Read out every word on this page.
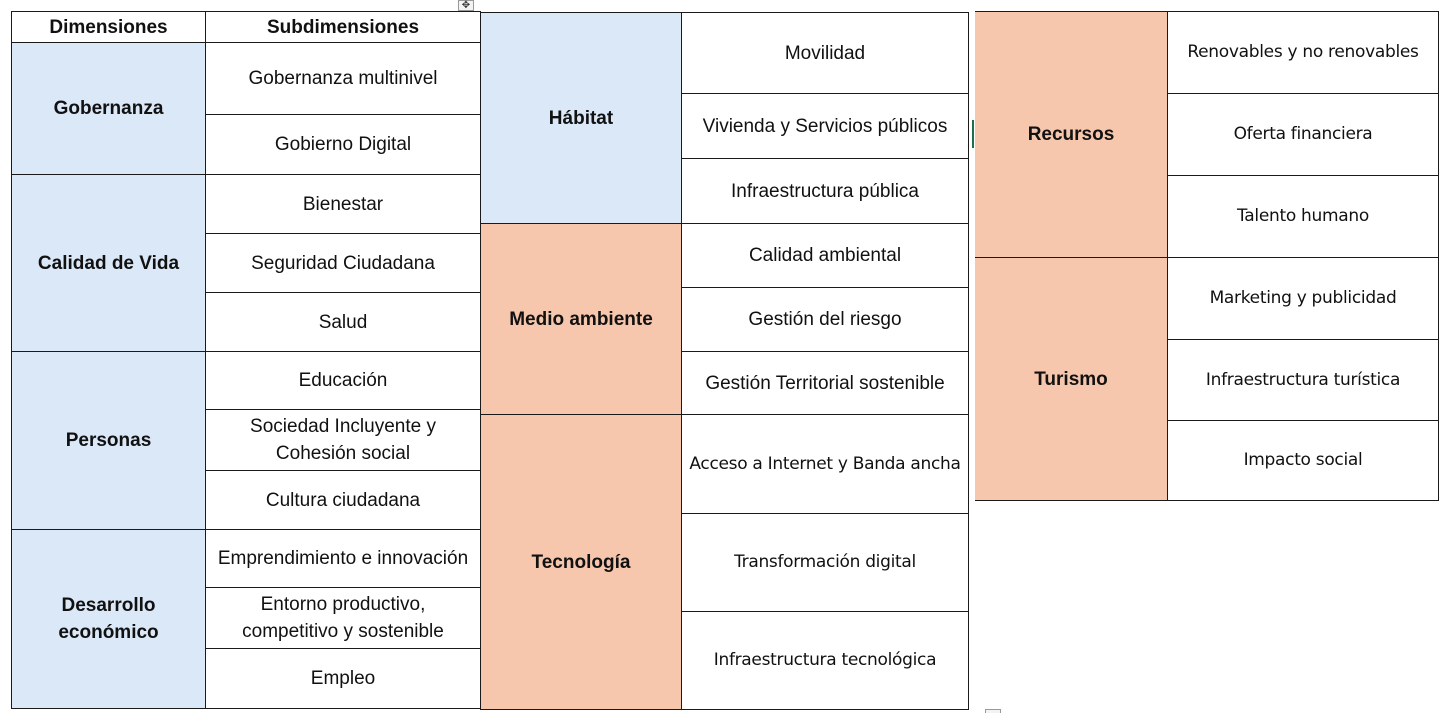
Dimensiones	Subdimensiones
Gobernanza
Gobernanza multinivel
Gobierno Digital
Calidad de Vida
Bienestar
Seguridad Ciudadana
Salud
Personas
Educación
Sociedad Incluyente y Cohesión social
Cultura ciudadana
Desarrollo económico
Emprendimiento e innovación
Entorno productivo, competitivo y sostenible
Empleo
Hábitat
Movilidad
Vivienda y Servicios públicos
Infraestructura pública
Medio ambiente
Calidad ambiental
Gestión del riesgo
Gestión Territorial sostenible
Tecnología
Acceso a Internet y Banda ancha
Transformación digital
Infraestructura tecnológica
Recursos
Renovables y no renovables
Oferta financiera
Talento humano
Turismo
Marketing y publicidad
Infraestructura turística
Impacto social
✥
